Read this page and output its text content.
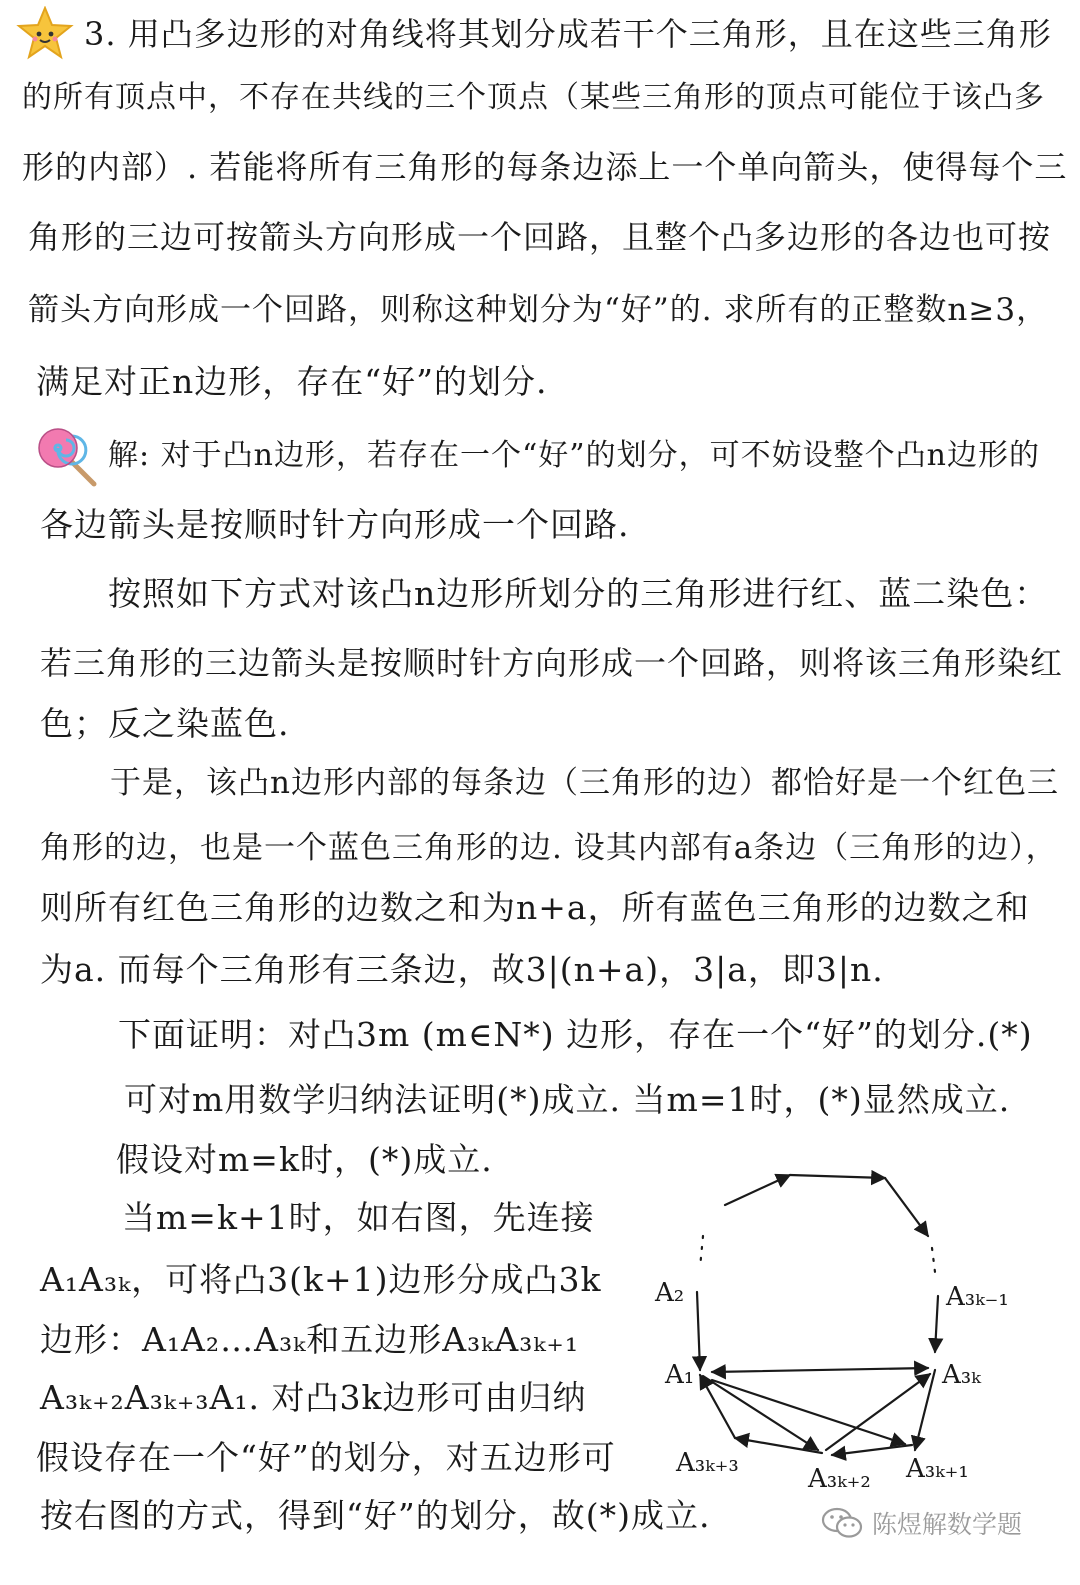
3. 用凸多边形的对角线将其划分成若干个三角形，且在这些三角形
的所有顶点中，不存在共线的三个顶点（某些三角形的顶点可能位于该凸多
形的内部）. 若能将所有三角形的每条边添上一个单向箭头，使得每个三
角形的三边可按箭头方向形成一个回路，且整个凸多边形的各边也可按
箭头方向形成一个回路，则称这种划分为“好”的. 求所有的正整数n≥3，
满足对正n边形，存在“好”的划分.
解: 对于凸n边形，若存在一个“好”的划分，可不妨设整个凸n边形的
各边箭头是按顺时针方向形成一个回路.
按照如下方式对该凸n边形所划分的三角形进行红、蓝二染色：
若三角形的三边箭头是按顺时针方向形成一个回路，则将该三角形染红
色；反之染蓝色.
于是，该凸n边形内部的每条边（三角形的边）都恰好是一个红色三
角形的边，也是一个蓝色三角形的边. 设其内部有a条边（三角形的边），
则所有红色三角形的边数之和为n+a，所有蓝色三角形的边数之和
为a. 而每个三角形有三条边，故3|(n+a)，3|a，即3|n.
下面证明：对凸3m (m∈N*) 边形，存在一个“好”的划分.(*)
可对m用数学归纳法证明(*)成立. 当m=1时，(*)显然成立.
假设对m=k时，(*)成立.
当m=k+1时，如右图，先连接
A₁A₃ₖ，可将凸3(k+1)边形分成凸3k
边形：A₁A₂…A₃ₖ和五边形A₃ₖA₃ₖ₊₁
A₃ₖ₊₂A₃ₖ₊₃A₁. 对凸3k边形可由归纳
假设存在一个“好”的划分，对五边形可
按右图的方式，得到“好”的划分，故(*)成立.
A₂	A₃ₖ₋₁
A₁	A₃ₖ
A₃ₖ₊₃
A₃ₖ₊₂ A₃ₖ₊₁
陈煜解数学题
